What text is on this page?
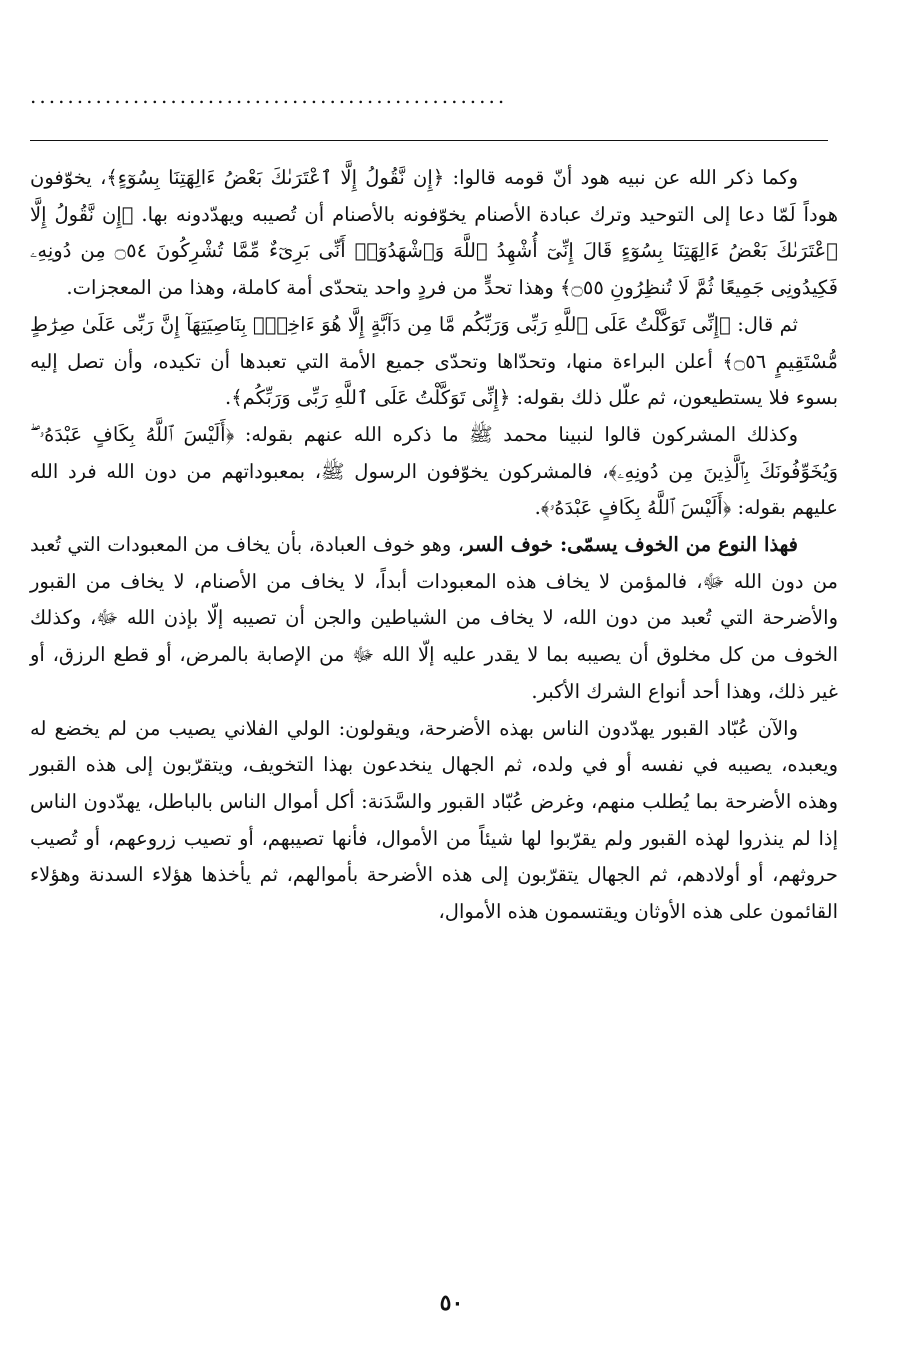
...................................................

وكما ذكر الله عن نبيه هود أنّ قومه قالوا: ﴿إِن نَّقُولُ إِلَّا ٱعْتَرَىٰكَ بَعْضُ ءَالِهَتِنَا بِسُوٓءٍ﴾، يخوّفون هوداً لَمّا دعا إلى التوحيد وترك عبادة الأصنام يخوّفونه بالأصنام أن تُصيبه ويهدّدونه بها. ﴿إِن نَّقُولُ إِلَّا ٱعْتَرَىٰكَ بَعْضُ ءَالِهَتِنَا بِسُوٓءٍ قَالَ إِنِّىٓ أُشْهِدُ ٱللَّهَ وَٱشْهَدُوٓا۟ أَنِّى بَرِىٓءٌ مِّمَّا تُشْرِكُونَ ۝٥٤ مِن دُونِهِۦ فَكِيدُونِى جَمِيعًا ثُمَّ لَا تُنظِرُونِ ۝٥٥﴾ وهذا تحدٍّ من فردٍ واحد يتحدّى أمة كاملة، وهذا من المعجزات.

ثم قال: ﴿إِنِّى تَوَكَّلْتُ عَلَى ٱللَّهِ رَبِّى وَرَبِّكُم مَّا مِن دَآبَّةٍ إِلَّا هُوَ ءَاخِذٌۢ بِنَاصِيَتِهَآ إِنَّ رَبِّى عَلَىٰ صِرَٰطٍ مُّسْتَقِيمٍ ۝٥٦﴾ أعلن البراءة منها، وتحدّاها وتحدّى جميع الأمة التي تعبدها أن تكيده، وأن تصل إليه بسوء فلا يستطيعون، ثم علّل ذلك بقوله: ﴿إِنِّى تَوَكَّلْتُ عَلَى ٱللَّهِ رَبِّى وَرَبِّكُم﴾.

وكذلك المشركون قالوا لنبينا محمد ﷺ ما ذكره الله عنهم بقوله: ﴿أَلَيْسَ ٱللَّهُ بِكَافٍ عَبْدَهُۥ ۖ وَيُخَوِّفُونَكَ بِٱلَّذِينَ مِن دُونِهِۦ﴾، فالمشركون يخوّفون الرسول ﷺ، بمعبوداتهم من دون الله فرد الله عليهم بقوله: ﴿أَلَيْسَ ٱللَّهُ بِكَافٍ عَبْدَهُۥ﴾.

فهذا النوع من الخوف يسمّى: خوف السر، وهو خوف العبادة، بأن يخاف من المعبودات التي تُعبد من دون الله ﷻ، فالمؤمن لا يخاف هذه المعبودات أبداً، لا يخاف من الأصنام، لا يخاف من القبور والأضرحة التي تُعبد من دون الله، لا يخاف من الشياطين والجن أن تصيبه إلّا بإذن الله ﷻ، وكذلك الخوف من كل مخلوق أن يصيبه بما لا يقدر عليه إلّا الله ﷻ من الإصابة بالمرض، أو قطع الرزق، أو غير ذلك، وهذا أحد أنواع الشرك الأكبر.

والآن عُبّاد القبور يهدّدون الناس بهذه الأضرحة، ويقولون: الولي الفلاني يصيب من لم يخضع له ويعبده، يصيبه في نفسه أو في ولده، ثم الجهال ينخدعون بهذا التخويف، ويتقرّبون إلى هذه القبور وهذه الأضرحة بما يُطلب منهم، وغرض عُبّاد القبور والسَّدَنة: أكل أموال الناس بالباطل، يهدّدون الناس إذا لم ينذروا لهذه القبور ولم يقرّبوا لها شيئاً من الأموال، فأنها تصيبهم، أو تصيب زروعهم، أو تُصيب حروثهم، أو أولادهم، ثم الجهال يتقرّبون إلى هذه الأضرحة بأموالهم، ثم يأخذها هؤلاء السدنة وهؤلاء القائمون على هذه الأوثان ويقتسمون هذه الأموال،

٥٠
